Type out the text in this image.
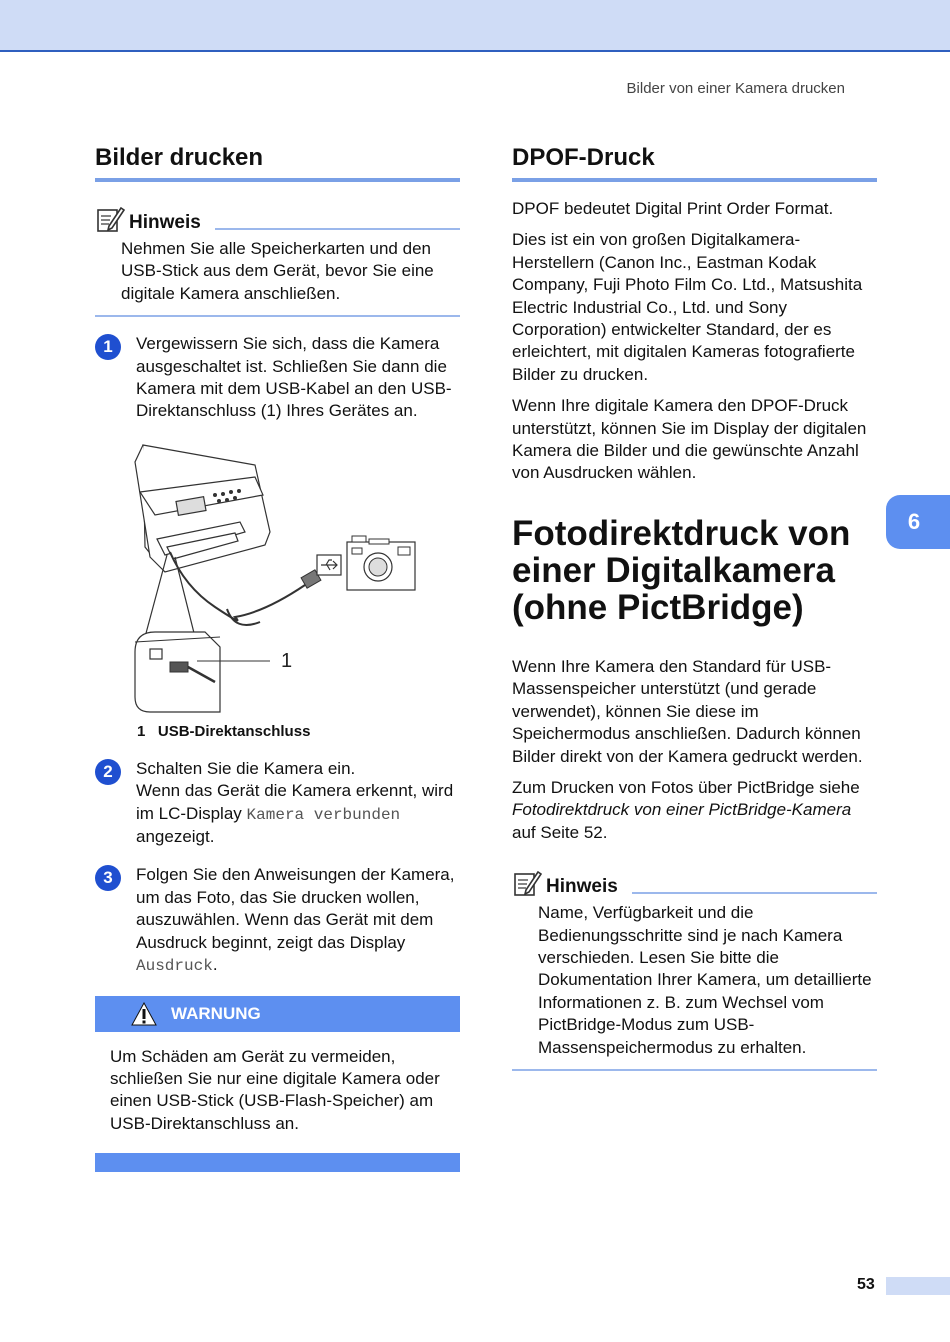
Bilder von einer Kamera drucken
Bilder drucken
Hinweis
Nehmen Sie alle Speicherkarten und den USB-Stick aus dem Gerät, bevor Sie eine digitale Kamera anschließen.
1	Vergewissern Sie sich, dass die Kamera ausgeschaltet ist. Schließen Sie dann die Kamera mit dem USB-Kabel an den USB-Direktanschluss (1) Ihres Gerätes an.
1
1 USB-Direktanschluss
2	Schalten Sie die Kamera ein.
Wenn das Gerät die Kamera erkennt, wird im LC-Display Kamera verbunden angezeigt.
3	Folgen Sie den Anweisungen der Kamera, um das Foto, das Sie drucken wollen, auszuwählen. Wenn das Gerät mit dem Ausdruck beginnt, zeigt das Display Ausdruck.
WARNUNG
Um Schäden am Gerät zu vermeiden, schließen Sie nur eine digitale Kamera oder einen USB-Stick (USB-Flash-Speicher) am USB-Direktanschluss an.
DPOF-Druck

DPOF bedeutet Digital Print Order Format.

Dies ist ein von großen Digitalkamera-Herstellern (Canon Inc., Eastman Kodak Company, Fuji Photo Film Co. Ltd., Matsushita Electric Industrial Co., Ltd. und Sony Corporation) entwickelter Standard, der es erleichtert, mit digitalen Kameras fotografierte Bilder zu drucken.

Wenn Ihre digitale Kamera den DPOF-Druck unterstützt, können Sie im Display der digitalen Kamera die Bilder und die gewünschte Anzahl von Ausdrucken wählen.

Fotodirektdruck von
einer Digitalkamera
(ohne PictBridge)

Wenn Ihre Kamera den Standard für USB-Massenspeicher unterstützt (und gerade verwendet), können Sie diese im Speichermodus anschließen. Dadurch können Bilder direkt von der Kamera gedruckt werden.

Zum Drucken von Fotos über PictBridge siehe Fotodirektdruck von einer PictBridge-Kamera auf Seite 52.

Hinweis
Name, Verfügbarkeit und die Bedienungsschritte sind je nach Kamera verschieden. Lesen Sie bitte die Dokumentation Ihrer Kamera, um detaillierte Informationen z. B. zum Wechsel vom PictBridge-Modus zum USB-Massenspeichermodus zu erhalten.
6
53
